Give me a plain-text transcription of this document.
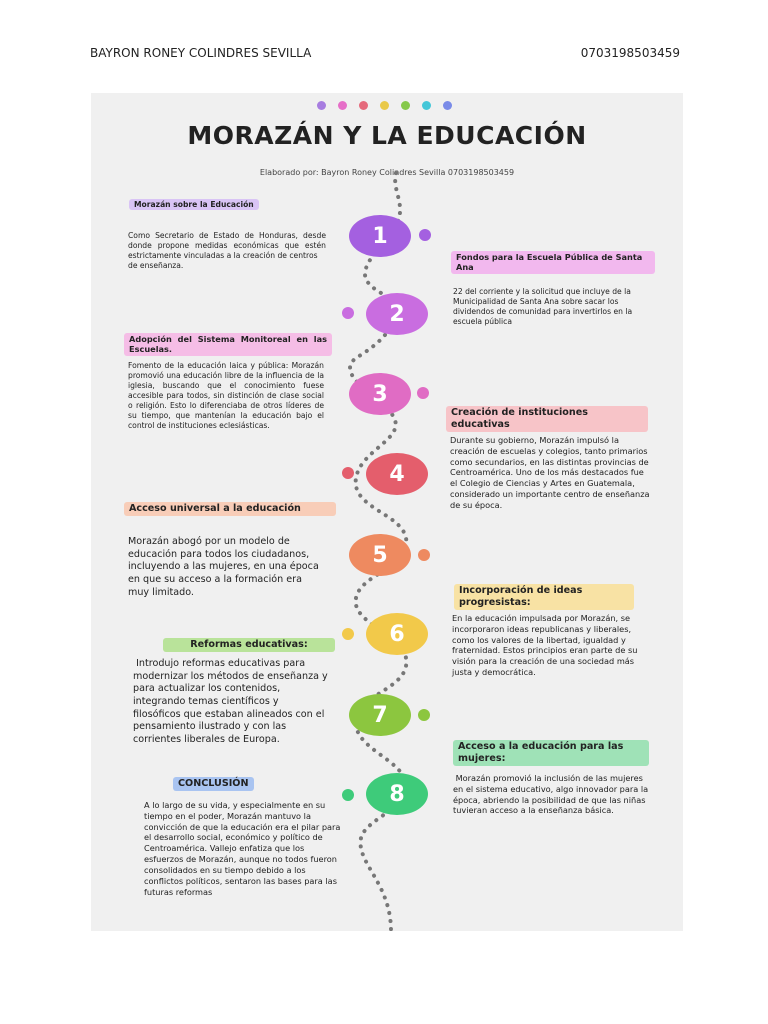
BAYRON RONEY COLINDRES SEVILLA	0703198503459
MORAZÁN Y LA EDUCACIÓN
Elaborado por: Bayron Roney Colindres Sevilla 0703198503459
1
2
3
4
5
6
7
8
Morazán sobre la Educación
Como Secretario de Estado de Honduras, desde donde propone medidas económicas que estén estrictamente vinculadas a la creación de centros
de enseñanza.
Fondos para la Escuela Pública de Santa Ana
22 del corriente y la solicitud que incluye de la Municipalidad de Santa Ana sobre sacar los dividendos de comunidad para invertirlos en la escuela pública
Adopción del Sistema Monitoreal en las Escuelas.
Fomento de la educación laica y pública: Morazán promovió una educación libre de la influencia de la iglesia, buscando que el conocimiento fuese accesible para todos, sin distinción de clase social o religión. Esto lo diferenciaba de otros líderes de su tiempo, que mantenían la educación bajo el control de instituciones eclesiásticas.
Creación de instituciones educativas
Durante su gobierno, Morazán impulsó la creación de escuelas y colegios, tanto primarios como secundarios, en las distintas provincias de Centroamérica. Uno de los más destacados fue el Colegio de Ciencias y Artes en Guatemala, considerado un importante centro de enseñanza de su época.
Acceso universal a la educación
Morazán abogó por un modelo de educación para todos los ciudadanos, incluyendo a las mujeres, en una época en que su acceso a la formación era muy limitado.	Incorporación de ideas progresistas:
En la educación impulsada por Morazán, se incorporaron ideas republicanas y liberales, como los valores de la libertad, igualdad y fraternidad. Estos principios eran parte de su visión para la creación de una sociedad más justa y democrática.
Reformas educativas:
Introdujo reformas educativas para modernizar los métodos de enseñanza y para actualizar los contenidos, integrando temas científicos y filosóficos que estaban alineados con el pensamiento ilustrado y con las corrientes liberales de Europa.
Acceso a la educación para las mujeres:
Morazán promovió la inclusión de las mujeres en el sistema educativo, algo innovador para la época, abriendo la posibilidad de que las niñas tuvieran acceso a la enseñanza básica.
CONCLUSIÓN
A lo largo de su vida, y especialmente en su tiempo en el poder, Morazán mantuvo la convicción de que la educación era el pilar para el desarrollo social, económico y político de Centroamérica. Vallejo enfatiza que los esfuerzos de Morazán, aunque no todos fueron consolidados en su tiempo debido a los conflictos políticos, sentaron las bases para las futuras reformas
